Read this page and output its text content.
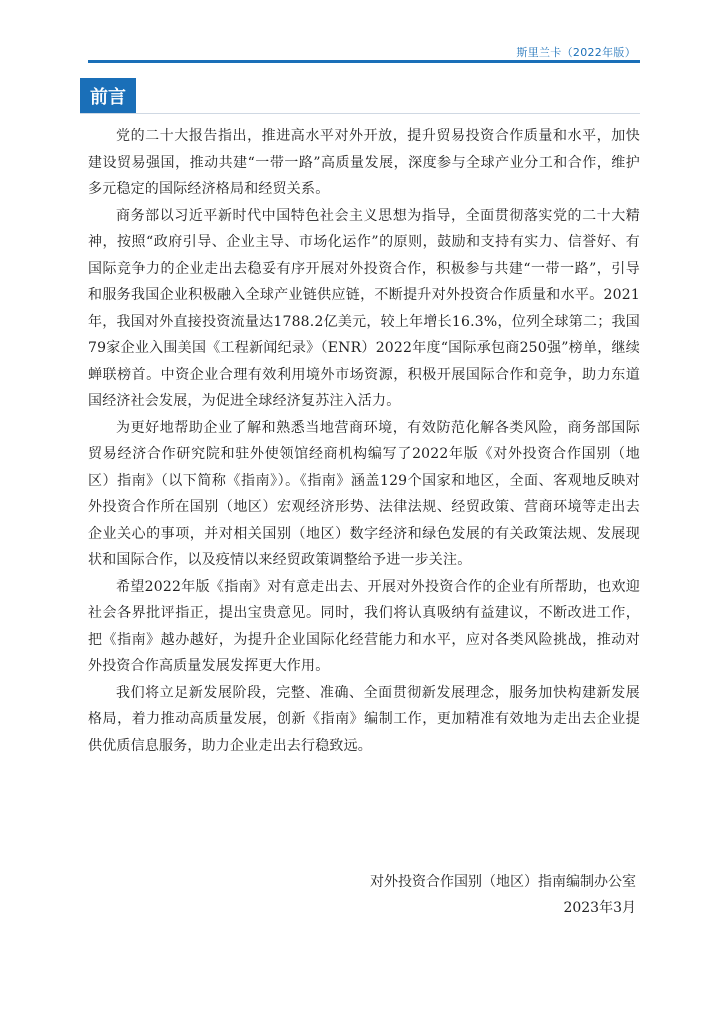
斯里兰卡（2022年版）
前言

党的二十大报告指出，推进高水平对外开放，提升贸易投资合作质量和水平，加快建设贸易强国，推动共建“一带一路”高质量发展，深度参与全球产业分工和合作，维护多元稳定的国际经济格局和经贸关系。

商务部以习近平新时代中国特色社会主义思想为指导，全面贯彻落实党的二十大精神，按照“政府引导、企业主导、市场化运作”的原则，鼓励和支持有实力、信誉好、有国际竞争力的企业走出去稳妥有序开展对外投资合作，积极参与共建“一带一路”，引导和服务我国企业积极融入全球产业链供应链，不断提升对外投资合作质量和水平。2021年，我国对外直接投资流量达1788.2亿美元，较上年增长16.3%，位列全球第二；我国79家企业入围美国《工程新闻纪录》（ENR）2022年度“国际承包商250强”榜单，继续蝉联榜首。中资企业合理有效利用境外市场资源，积极开展国际合作和竞争，助力东道国经济社会发展，为促进全球经济复苏注入活力。

为更好地帮助企业了解和熟悉当地营商环境，有效防范化解各类风险，商务部国际贸易经济合作研究院和驻外使领馆经商机构编写了2022年版《对外投资合作国别（地区）指南》（以下简称《指南》）。《指南》涵盖129个国家和地区，全面、客观地反映对外投资合作所在国别（地区）宏观经济形势、法律法规、经贸政策、营商环境等走出去企业关心的事项，并对相关国别（地区）数字经济和绿色发展的有关政策法规、发展现状和国际合作，以及疫情以来经贸政策调整给予进一步关注。

希望2022年版《指南》对有意走出去、开展对外投资合作的企业有所帮助，也欢迎社会各界批评指正，提出宝贵意见。同时，我们将认真吸纳有益建议，不断改进工作，把《指南》越办越好，为提升企业国际化经营能力和水平，应对各类风险挑战，推动对外投资合作高质量发展发挥更大作用。

我们将立足新发展阶段，完整、准确、全面贯彻新发展理念，服务加快构建新发展格局，着力推动高质量发展，创新《指南》编制工作，更加精准有效地为走出去企业提供优质信息服务，助力企业走出去行稳致远。

对外投资合作国别（地区）指南编制办公室
2023年3月
